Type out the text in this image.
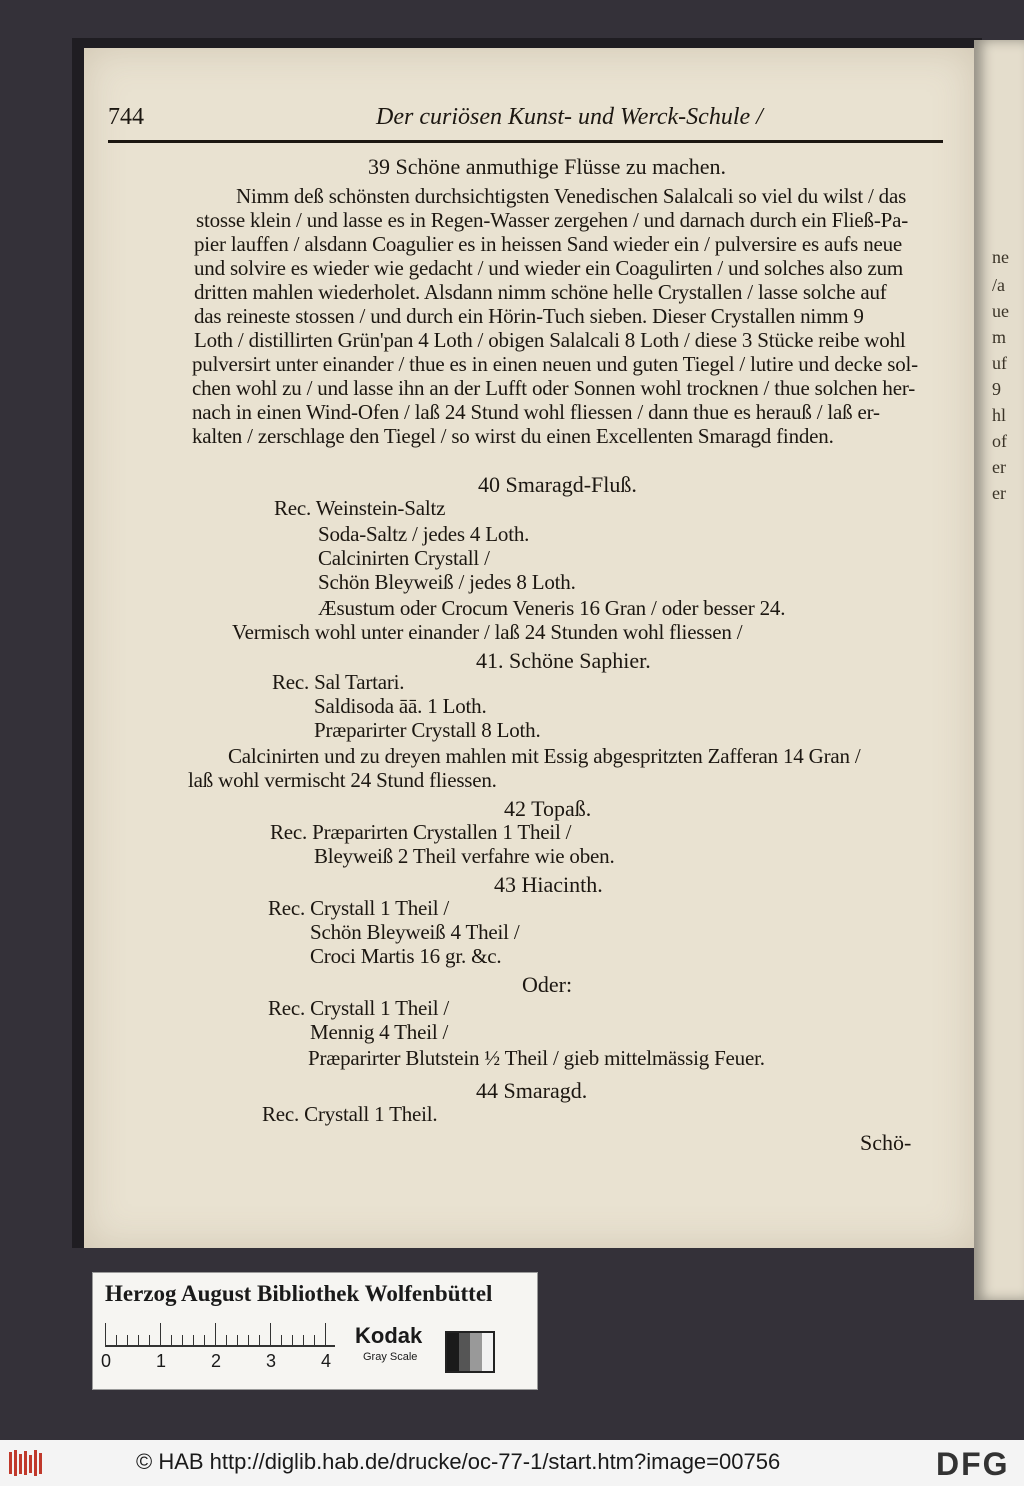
ne
/a
ue
m
uf
9
hl
of
er
er
744	Der curiösen Kunst- und Werck-Schule /
39 Schöne anmuthige Flüsse zu machen.
Nimm deß schönsten durchsichtigsten Venedischen Salalcali so viel du wilst / das
stosse klein / und lasse es in Regen-Wasser zergehen / und darnach durch ein Fließ-Pa-
pier lauffen / alsdann Coagulier es in heissen Sand wieder ein / pulversire es aufs neue
und solvire es wieder wie gedacht / und wieder ein Coagulirten / und solches also zum
dritten mahlen wiederholet. Alsdann nimm schöne helle Crystallen / lasse solche auf
das reineste stossen / und durch ein Hörin-Tuch sieben. Dieser Crystallen nimm 9
Loth / distillirten Grün'pan 4 Loth / obigen Salalcali 8 Loth / diese 3 Stücke reibe wohl
pulversirt unter einander / thue es in einen neuen und guten Tiegel / lutire und decke sol-
chen wohl zu / und lasse ihn an der Lufft oder Sonnen wohl trocknen / thue solchen her-
nach in einen Wind-Ofen / laß 24 Stund wohl fliessen / dann thue es herauß / laß er-
kalten / zerschlage den Tiegel / so wirst du einen Excellenten Smaragd finden.
40 Smaragd-Fluß.
Rec. Weinstein-Saltz
Soda-Saltz / jedes 4 Loth.
Calcinirten Crystall /
Schön Bleyweiß / jedes 8 Loth.
Æsustum oder Crocum Veneris 16 Gran / oder besser 24.
Vermisch wohl unter einander / laß 24 Stunden wohl fliessen /
41. Schöne Saphier.
Rec. Sal Tartari.
Saldisoda āā. 1 Loth.
Præparirter Crystall 8 Loth.
Calcinirten und zu dreyen mahlen mit Essig abgespritzten Zafferan 14 Gran /
laß wohl vermischt 24 Stund fliessen.
42 Topaß.
Rec. Præparirten Crystallen 1 Theil /
Bleyweiß 2 Theil verfahre wie oben.
43 Hiacinth.
Rec. Crystall 1 Theil /
Schön Bleyweiß 4 Theil /
Croci Martis 16 gr. &c.
Oder:
Rec. Crystall 1 Theil /
Mennig 4 Theil /
Præparirter Blutstein ½ Theil / gieb mittelmässig Feuer.
44 Smaragd.
Rec. Crystall 1 Theil.
Schö-
Herzog August Bibliothek Wolfenbüttel
0 1 2 3 4
Kodak
Gray Scale
© HAB http://diglib.hab.de/drucke/oc-77-1/start.htm?image=00756	DFG
